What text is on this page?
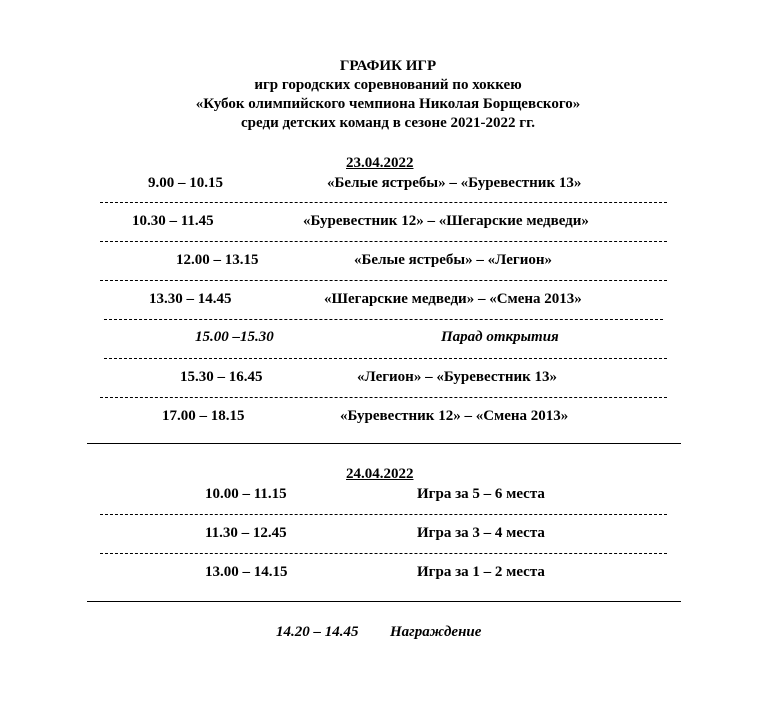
ГРАФИК ИГР
игр городских соревнований по хоккею
«Кубок олимпийского чемпиона Николая Борщевского»
среди детских команд в сезоне 2021-2022 гг.
23.04.2022
9.00 – 10.15	«Белые ястребы» – «Буревестник 13»
10.30 – 11.45	«Буревестник 12» – «Шегарские медведи»
12.00 – 13.15	«Белые ястребы» – «Легион»
13.30 – 14.45	«Шегарские медведи» – «Смена 2013»
15.00 –15.30	Парад открытия
15.30 – 16.45	«Легион» – «Буревестник 13»
17.00 – 18.15	«Буревестник 12» – «Смена 2013»
24.04.2022
10.00 – 11.15	Игра за 5 – 6 места
11.30 – 12.45	Игра за 3 – 4 места
13.00 – 14.15	Игра за 1 – 2 места
14.20 – 14.45 Награждение
